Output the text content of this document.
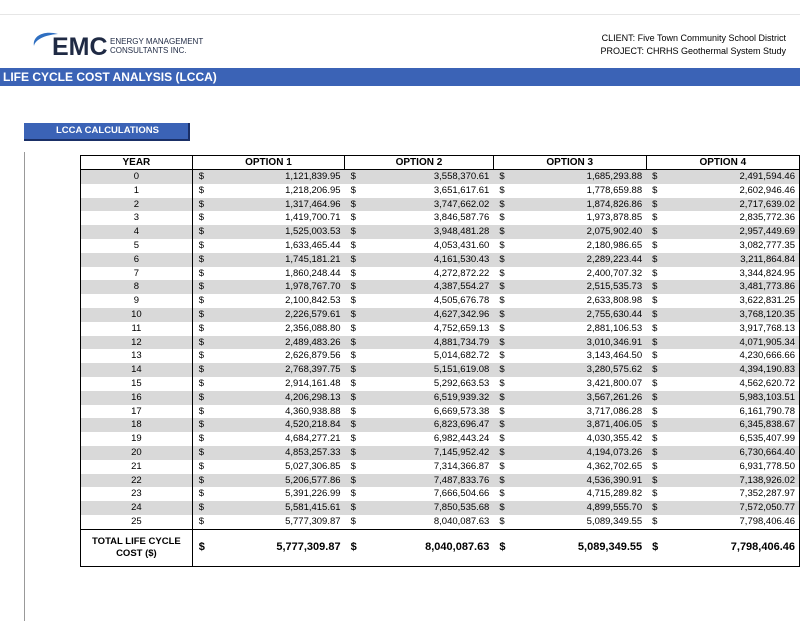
EMC ENERGY MANAGEMENT
CONSULTANTS INC.
CLIENT: Five Town Community School District
PROJECT: CHRHS Geothermal System Study
LIFE CYCLE COST ANALYSIS (LCCA)
LCCA CALCULATIONS
YEAR	OPTION 1		OPTION 2		OPTION 3		OPTION 4	
0	$	1,121,839.95	$	3,558,370.61	$	1,685,293.88	$	2,491,594.46
1	$	1,218,206.95	$	3,651,617.61	$	1,778,659.88	$	2,602,946.46
2	$	1,317,464.96	$	3,747,662.02	$	1,874,826.86	$	2,717,639.02
3	$	1,419,700.71	$	3,846,587.76	$	1,973,878.85	$	2,835,772.36
4	$	1,525,003.53	$	3,948,481.28	$	2,075,902.40	$	2,957,449.69
5	$	1,633,465.44	$	4,053,431.60	$	2,180,986.65	$	3,082,777.35
6	$	1,745,181.21	$	4,161,530.43	$	2,289,223.44	$	3,211,864.84
7	$	1,860,248.44	$	4,272,872.22	$	2,400,707.32	$	3,344,824.95
8	$	1,978,767.70	$	4,387,554.27	$	2,515,535.73	$	3,481,773.86
9	$	2,100,842.53	$	4,505,676.78	$	2,633,808.98	$	3,622,831.25
10	$	2,226,579.61	$	4,627,342.96	$	2,755,630.44	$	3,768,120.35
11	$	2,356,088.80	$	4,752,659.13	$	2,881,106.53	$	3,917,768.13
12	$	2,489,483.26	$	4,881,734.79	$	3,010,346.91	$	4,071,905.34
13	$	2,626,879.56	$	5,014,682.72	$	3,143,464.50	$	4,230,666.66
14	$	2,768,397.75	$	5,151,619.08	$	3,280,575.62	$	4,394,190.83
15	$	2,914,161.48	$	5,292,663.53	$	3,421,800.07	$	4,562,620.72
16	$	4,206,298.13	$	6,519,939.32	$	3,567,261.26	$	5,983,103.51
17	$	4,360,938.88	$	6,669,573.38	$	3,717,086.28	$	6,161,790.78
18	$	4,520,218.84	$	6,823,696.47	$	3,871,406.05	$	6,345,838.67
19	$	4,684,277.21	$	6,982,443.24	$	4,030,355.42	$	6,535,407.99
20	$	4,853,257.33	$	7,145,952.42	$	4,194,073.26	$	6,730,664.40
21	$	5,027,306.85	$	7,314,366.87	$	4,362,702.65	$	6,931,778.50
22	$	5,206,577.86	$	7,487,833.76	$	4,536,390.91	$	7,138,926.02
23	$	5,391,226.99	$	7,666,504.66	$	4,715,289.82	$	7,352,287.97
24	$	5,581,415.61	$	7,850,535.68	$	4,899,555.70	$	7,572,050.77
25	$	5,777,309.87	$	8,040,087.63	$	5,089,349.55	$	7,798,406.46

TOTAL LIFE CYCLE
COST ($)	$	5,777,309.87	$	8,040,087.63	$	5,089,349.55	$	7,798,406.46
